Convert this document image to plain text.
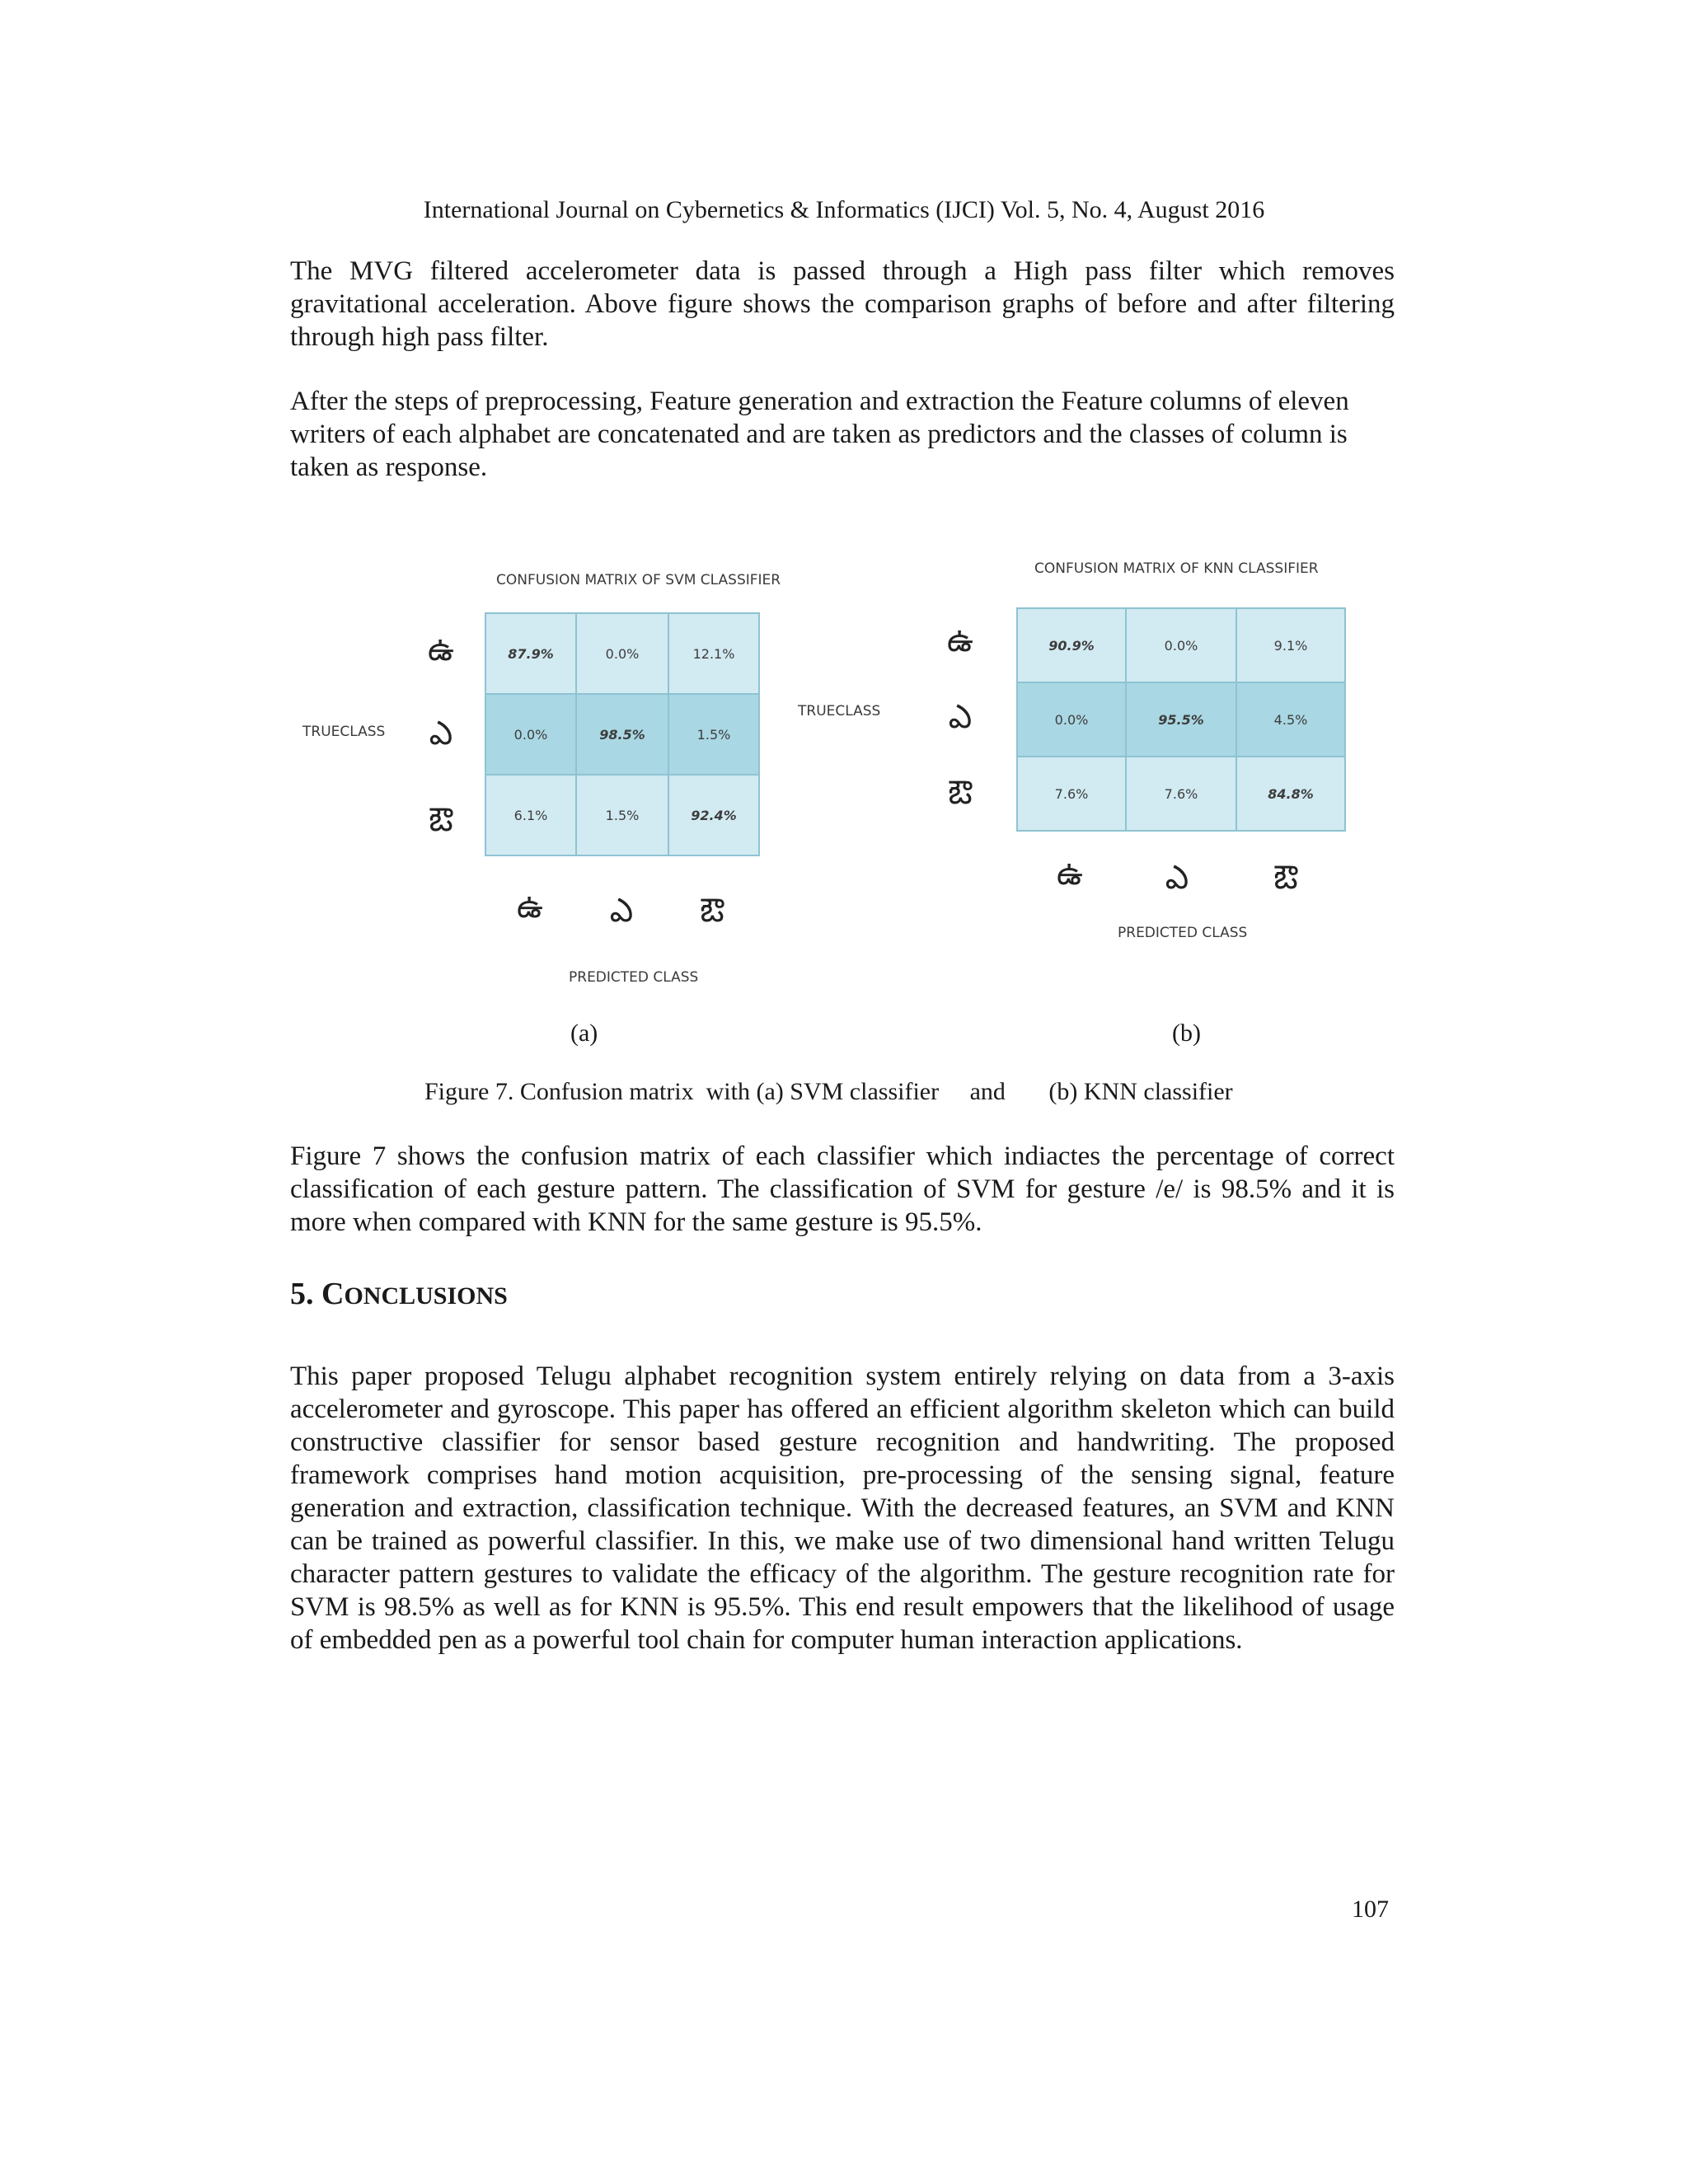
International Journal on Cybernetics & Informatics (IJCI) Vol. 5, No. 4, August 2016

The MVG filtered accelerometer data is passed through a High pass filter which removes gravitational acceleration. Above figure shows the comparison graphs of before and after filtering through high pass filter.

After the steps of preprocessing, Feature generation and extraction the Feature columns of eleven writers of each alphabet are concatenated and are taken as predictors and the classes of column is taken as response.

CONFUSION MATRIX OF SVM CLASSIFIER
TRUECLASS
ఉ
ఎ
ఔ
87.9%	0.0%	12.1%
0.0%	98.5%	1.5%
6.1%	1.5%	92.4%
ఉ	ఎ	ఔ
PREDICTED CLASS
CONFUSION MATRIX OF KNN CLASSIFIER
TRUECLASS
ఉ
ఎ
ఔ
90.9%	0.0%	9.1%
0.0%	95.5%	4.5%
7.6%	7.6%	84.8%
ఉ	ఎ	ఔ
PREDICTED CLASS
(a)	(b)
Figure 7. Confusion matrix  with (a) SVM classifier     and       (b) KNN classifier

Figure 7 shows the confusion matrix of each classifier which indiactes the percentage of correct classification of each gesture pattern. The classification of SVM for gesture /e/ is 98.5% and it is more when compared with KNN for the same gesture is 95.5%.

5. CONCLUSIONS

This paper proposed Telugu alphabet recognition system entirely relying on data from a 3-axis accelerometer and gyroscope. This paper has offered an efficient algorithm skeleton which can build constructive classifier for sensor based gesture recognition and handwriting. The proposed framework comprises hand motion acquisition, pre-processing of the sensing signal, feature generation and extraction, classification technique. With the decreased features, an SVM and KNN can be trained as powerful classifier. In this, we make use of two dimensional hand written Telugu character pattern gestures to validate the efficacy of the algorithm. The gesture recognition rate for SVM is 98.5% as well as for KNN is 95.5%. This end result empowers that the likelihood of usage of embedded pen as a powerful tool chain for computer human interaction applications.

107
